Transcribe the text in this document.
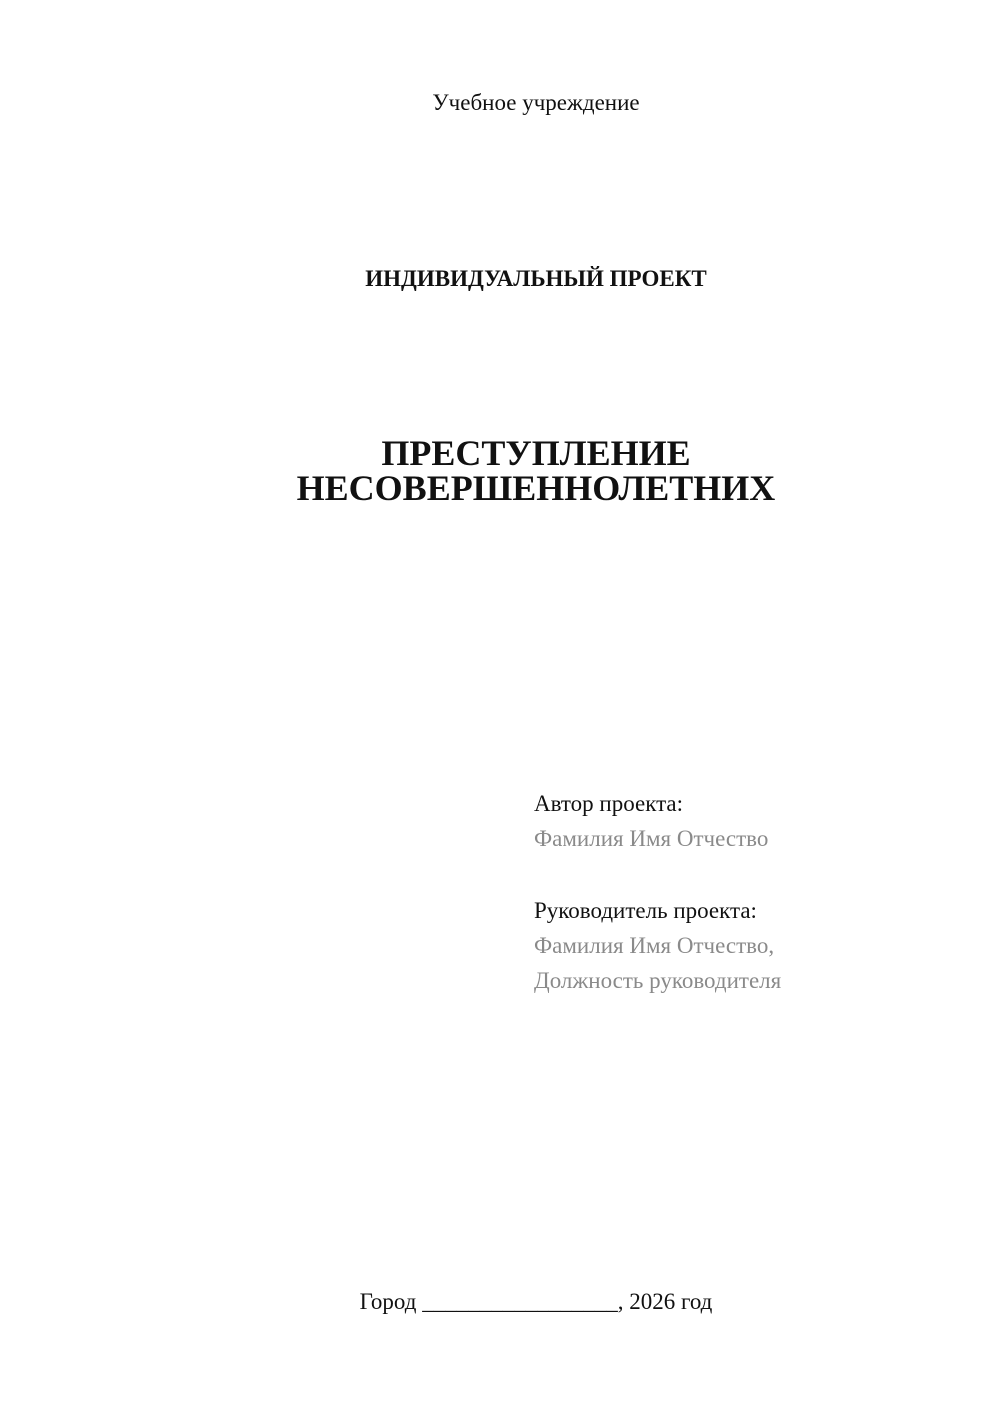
Учебное учреждение
ИНДИВИДУАЛЬНЫЙ ПРОЕКТ
ПРЕСТУПЛЕНИЕ
НЕСОВЕРШЕННОЛЕТНИХ
Автор проекта:
Фамилия Имя Отчество
Руководитель проекта:
Фамилия Имя Отчество,
Должность руководителя
Город _________________, 2026 год
